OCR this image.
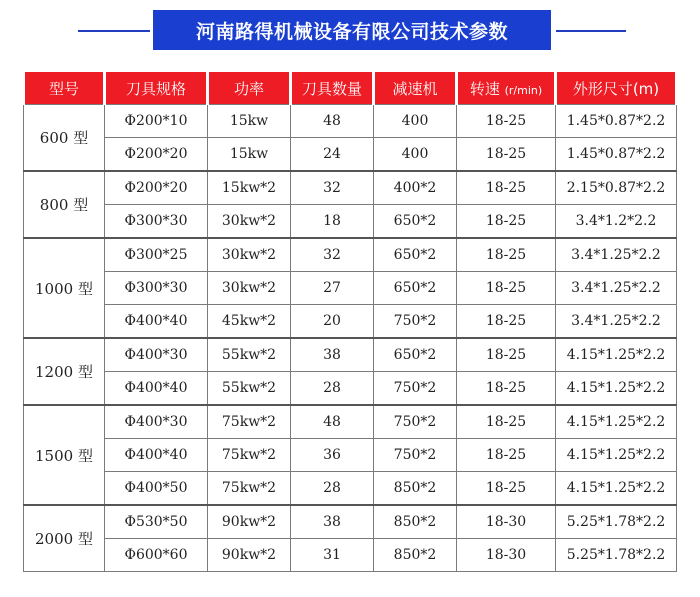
河南路得机械设备有限公司技术参数
型号	刀具规格	功率	刀具数量	减速机	转速 (r/min)	外形尺寸(m)
600 型	Φ200*10	15kw	48	400	18-25	1.45*0.87*2.2
	Φ200*20	15kw	24	400	18-25	1.45*0.87*2.2
800 型	Φ200*20	15kw*2	32	400*2	18-25	2.15*0.87*2.2
	Φ300*30	30kw*2	18	650*2	18-25	3.4*1.2*2.2
1000 型	Φ300*25	30kw*2	32	650*2	18-25	3.4*1.25*2.2
	Φ300*30	30kw*2	27	650*2	18-25	3.4*1.25*2.2
	Φ400*40	45kw*2	20	750*2	18-25	3.4*1.25*2.2
1200 型	Φ400*30	55kw*2	38	650*2	18-25	4.15*1.25*2.2
	Φ400*40	55kw*2	28	750*2	18-25	4.15*1.25*2.2
1500 型	Φ400*30	75kw*2	48	750*2	18-25	4.15*1.25*2.2
	Φ400*40	75kw*2	36	750*2	18-25	4.15*1.25*2.2
	Φ400*50	75kw*2	28	850*2	18-25	4.15*1.25*2.2
2000 型	Φ530*50	90kw*2	38	850*2	18-30	5.25*1.78*2.2
	Φ600*60	90kw*2	31	850*2	18-30	5.25*1.78*2.2
